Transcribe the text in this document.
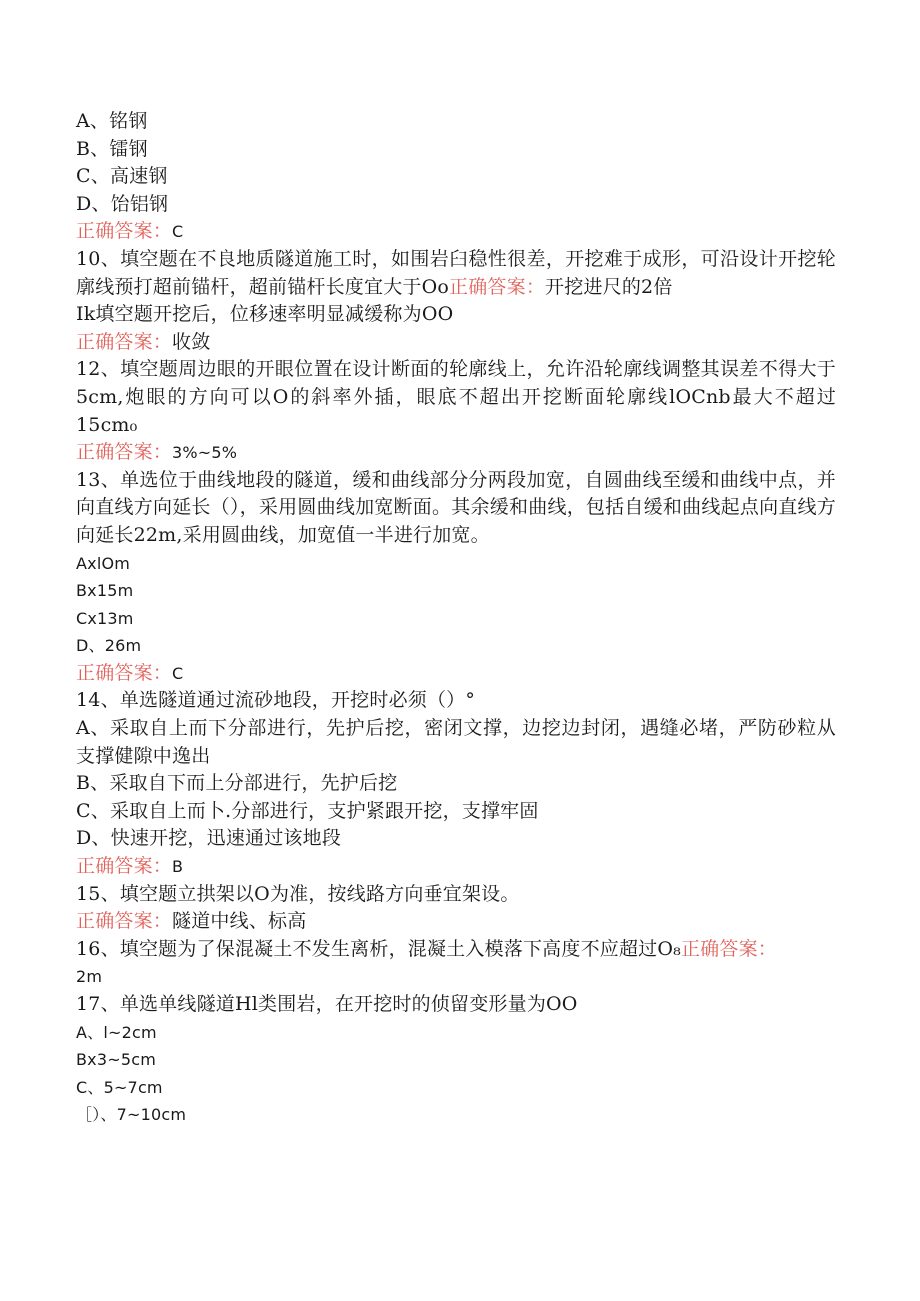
A、铭钢
B、镭钢
C、高速钢
D、饴铝钢
正确答案：C
10、填空题在不良地质隧道施工时，如围岩臼稳性很差，开挖难于成形，可沿设计开挖轮廓线预打超前锚杆，超前锚杆长度宜大于Oo正确答案：开挖进尺的2倍
Ik填空题开挖后，位移速率明显减缓称为OO
正确答案：收敛
12、填空题周边眼的开眼位置在设计断面的轮廓线上，允许沿轮廓线调整其误差不得大于5cm,炮眼的方向可以O的斜率外插，眼底不超出开挖断面轮廓线lOCnb最大不超过15cm₀
正确答案：3%~5%
13、单选位于曲线地段的隧道，缓和曲线部分分两段加宽，自圆曲线至缓和曲线中点，并向直线方向延长（），采用圆曲线加宽断面。其余缓和曲线，包括自缓和曲线起点向直线方向延长22m,采用圆曲线，加宽值一半进行加宽。
AxlOm
Bx15m
Cx13m
D、26m
正确答案：C
14、单选隧道通过流砂地段，开挖时必须（）°
A、采取自上而下分部进行，先护后挖，密闭文撑，边挖边封闭，遇缝必堵，严防砂粒从支撑健隙中逸出
B、采取自下而上分部进行，先护后挖
C、采取自上而卜.分部进行，支护紧跟开挖，支撑牢固
D、快速开挖，迅速通过该地段
正确答案：B
15、填空题立拱架以O为准，按线路方向垂宜架设。
正确答案：隧道中线、标高
16、填空题为了保混凝土不发生离析，混凝土入模落下高度不应超过O₈正确答案：
2m
17、单选单线隧道Hl类围岩，在开挖时的侦留变形量为OO
A、l~2cm
Bx3~5cm
C、5~7cm
［）、7~10cm
